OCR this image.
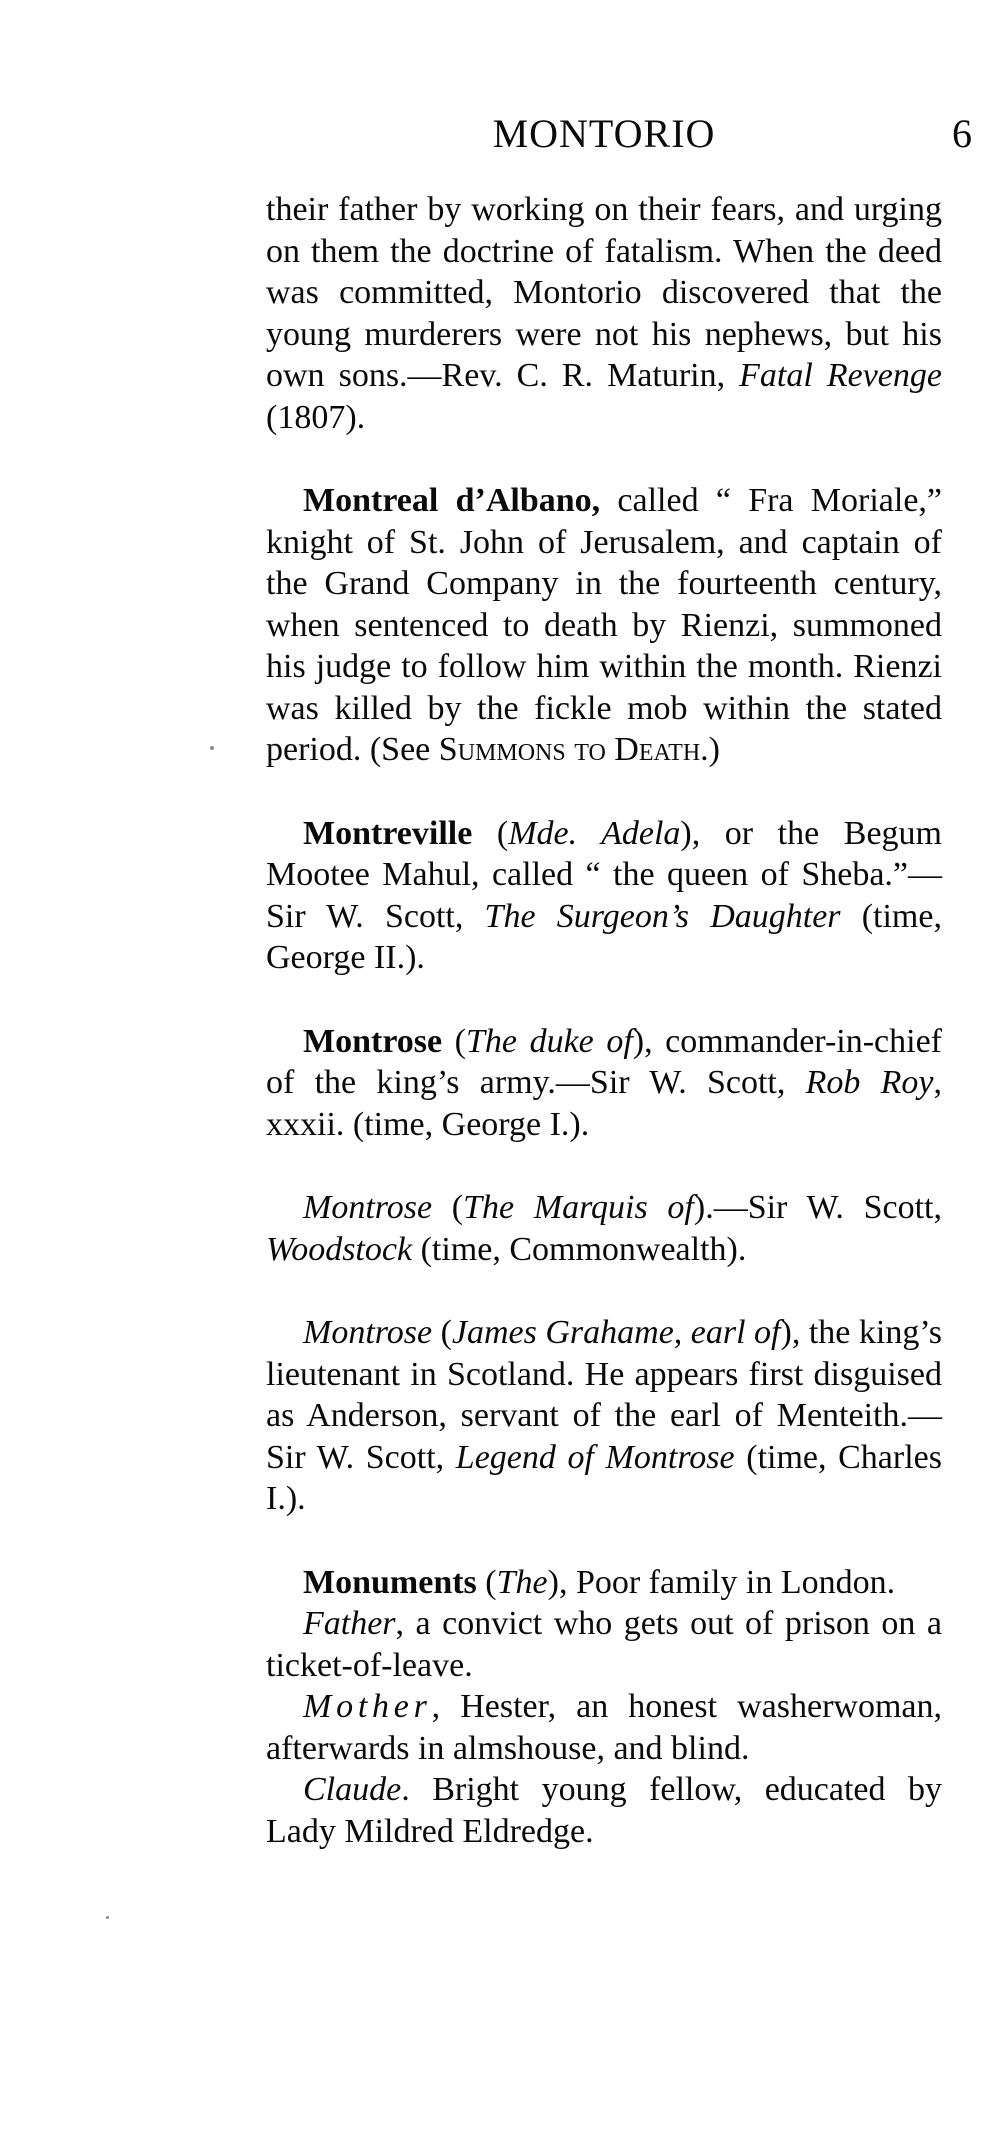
MONTORIO	6

their father by working on their fears, and urging on them the doctrine of fatalism. When the deed was committed, Montorio discovered that the young murderers were not his nephews, but his own sons.—Rev. C. R. Maturin, Fatal Revenge (1807).

Montreal d’Albano, called “ Fra Moriale,” knight of St. John of Jerusalem, and captain of the Grand Company in the fourteenth century, when sentenced to death by Rienzi, summoned his judge to follow him within the month. Rienzi was killed by the fickle mob within the stated period. (See Summons to Death.)

Montreville (Mde. Adela), or the Begum Mootee Mahul, called “ the queen of Sheba.”—Sir W. Scott, The Surgeon’s Daughter (time, George II.).

Montrose (The duke of), commander-in-chief of the king’s army.—Sir W. Scott, Rob Roy, xxxii. (time, George I.).

Montrose (The Marquis of).—Sir W. Scott, Woodstock (time, Commonwealth).

Montrose (James Grahame, earl of), the king’s lieutenant in Scotland. He appears first disguised as Anderson, servant of the earl of Menteith.—Sir W. Scott, Legend of Montrose (time, Charles I.).

Monuments (The), Poor family in London.

Father, a convict who gets out of prison on a ticket-of-leave.

Mother, Hester, an honest washerwoman, afterwards in almshouse, and blind.

Claude. Bright young fellow, educated by Lady Mildred Eldredge.
